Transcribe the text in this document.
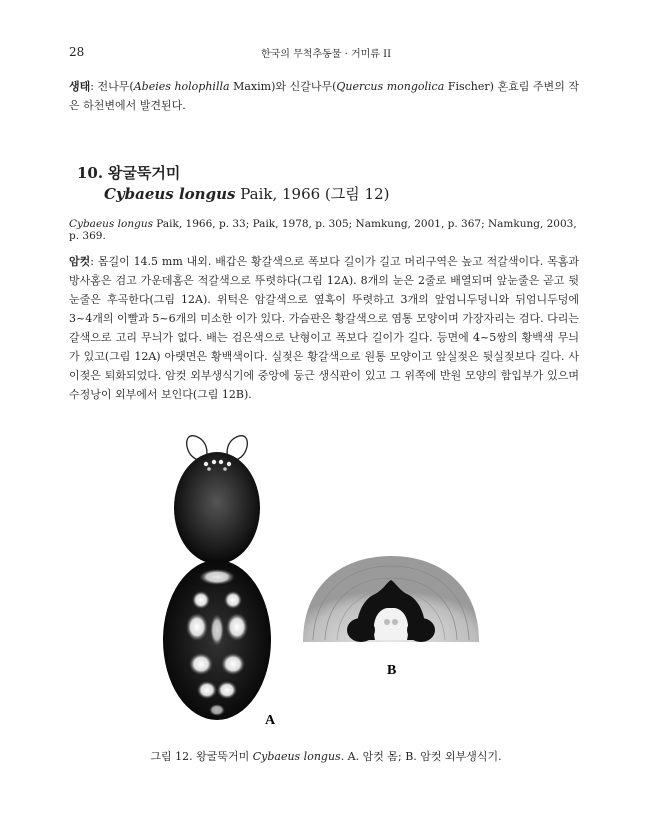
28	한국의 무척추동물 · 거미류 II
생태: 전나무(Abeies holophilla Maxim)와 신갈나무(Quercus mongolica Fischer) 혼효림 주변의 작은 하천변에서 발견된다.
10. 왕굴뚝거미
Cybaeus longus Paik, 1966 (그림 12)
Cybaeus longus Paik, 1966, p. 33; Paik, 1978, p. 305; Namkung, 2001, p. 367; Namkung, 2003, p. 369.
암컷: 몸길이 14.5 mm 내외. 배갑은 황갈색으로 폭보다 길이가 길고 머리구역은 높고 적갈색이다. 목홈과 방사홈은 검고 가운데홈은 적갈색으로 뚜렷하다(그림 12A). 8개의 눈은 2줄로 배열되며 앞눈줄은 곧고 뒷눈줄은 후곡한다(그림 12A). 위턱은 암갈색으로 옆혹이 뚜렷하고 3개의 앞엄니두덩니와 뒤엄니두덩에 3~4개의 이빨과 5~6개의 미소한 이가 있다. 가슴판은 황갈색으로 염통 모양이며 가장자리는 검다. 다리는 갈색으로 고리 무늬가 없다. 배는 검은색으로 난형이고 폭보다 길이가 길다. 등면에 4~5쌍의 황백색 무늬가 있고(그림 12A) 아랫면은 황백색이다. 실젖은 황갈색으로 원통 모양이고 앞실젖은 뒷실젖보다 길다. 사이젖은 퇴화되었다. 암컷 외부생식기에 중앙에 둥근 생식판이 있고 그 위쪽에 반원 모양의 함입부가 있으며 수정낭이 외부에서 보인다(그림 12B).
A
B
그림 12. 왕굴뚝거미 Cybaeus longus. A. 암컷 몸; B. 암컷 외부생식기.
